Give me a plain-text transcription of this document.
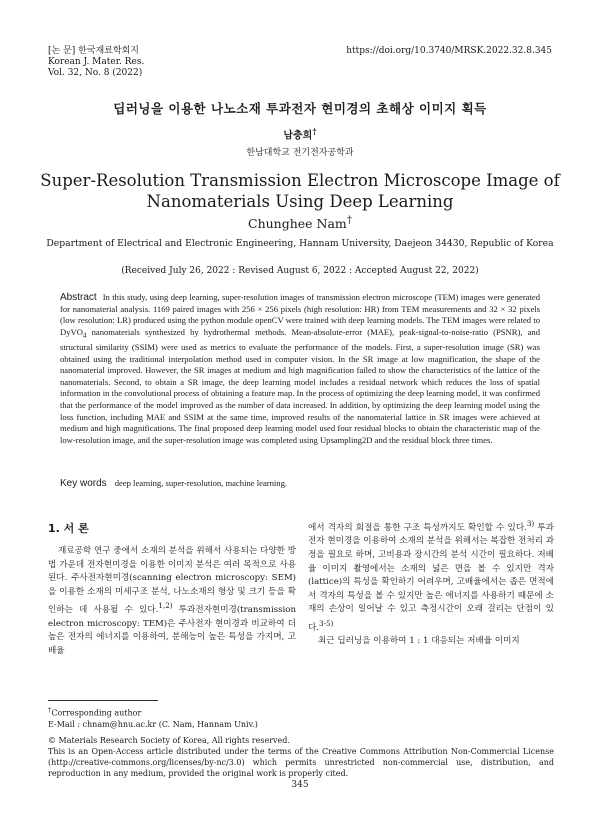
[논 문] 한국재료학회지
Korean J. Mater. Res.
Vol. 32, No. 8 (2022)
https://doi.org/10.3740/MRSK.2022.32.8.345
딥러닝을 이용한 나노소재 투과전자 현미경의 초해상 이미지 획득
남충희†
한남대학교 전기전자공학과
Super-Resolution Transmission Electron Microscope Image of Nanomaterials Using Deep Learning
Chunghee Nam†
Department of Electrical and Electronic Engineering, Hannam University, Daejeon 34430, Republic of Korea
(Received July 26, 2022 : Revised August 6, 2022 : Accepted August 22, 2022)
Abstract In this study, using deep learning, super-resolution images of transmission electron microscope (TEM) images were generated for nanomaterial analysis. 1169 paired images with 256 × 256 pixels (high resolution: HR) from TEM measurements and 32 × 32 pixels (low resolution: LR) produced using the python module openCV were trained with deep learning models. The TEM images were related to DyVO$_4$ nanomaterials synthesized by hydrothermal methods. Mean-absolute-error (MAE), peak-signal-to-noise-ratio (PSNR), and structural similarity (SSIM) were used as metrics to evaluate the performance of the models. First, a super-resolution image (SR) was obtained using the traditional interpolation method used in computer vision. In the SR image at low magnification, the shape of the nanomaterial improved. However, the SR images at medium and high magnification failed to show the characteristics of the lattice of the nanomaterials. Second, to obtain a SR image, the deep learning model includes a residual network which reduces the loss of spatial information in the convolutional process of obtaining a feature map. In the process of optimizing the deep learning model, it was confirmed that the performance of the model improved as the number of data increased. In addition, by optimizing the deep learning model using the loss function, including MAE and SSIM at the same time, improved results of the nanomaterial lattice in SR images were achieved at medium and high magnifications. The final proposed deep learning model used four residual blocks to obtain the characteristic map of the low-resolution image, and the super-resolution image was completed using Upsampling2D and the residual block three times.
Key words deep learning, super-resolution, machine learning.
1. 서 론
재료공학 연구 중에서 소재의 분석을 위해서 사용되는 다양한 방법 가운데 전자현미경을 이용한 이미지 분석은 여러 목적으로 사용된다. 주사전자현미경(scanning electron microscopy: SEM)을 이용한 소재의 미세구조 분석, 나노소재의 형상 및 크기 등을 확인하는 데 사용될 수 있다.$^{1,2)}$ 투과전자현미경(transmission electron microscopy: TEM)은 주사전자 현미경과 비교하여 더 높은 전자의 에너지를 이용하여, 분해능이 높은 특성을 가지며, 고배율
에서 격자의 회절을 통한 구조 특성까지도 확인할 수 있다.$^{3)}$ 투과 전자 현미경을 이용하여 소재의 분석을 위해서는 복잡한 전처리 과정을 필요로 하며, 고비용과 장시간의 분석 시간이 필요하다. 저배율 이미지 촬영에서는 소재의 넓은 면을 볼 수 있지만 격자(lattice)의 특성을 확인하기 어려우며, 고배율에서는 좁은 면적에서 격자의 특성을 볼 수 있지만 높은 에너지를 사용하기 때문에 소재의 손상이 일어날 수 있고 측정시간이 오래 걸리는 단점이 있다.$^{3-5)}$
최근 딥러닝을 이용하여 1 : 1 대응되는 저배율 이미지
†Corresponding author
E-Mail : chnam@hnu.ac.kr (C. Nam, Hannam Univ.)
© Materials Research Society of Korea, All rights reserved.
This is an Open-Access article distributed under the terms of the Creative Commons Attribution Non-Commercial License (http://creative-commons.org/licenses/by-nc/3.0) which permits unrestricted non-commercial use, distribution, and reproduction in any medium, provided the original work is properly cited.
345
